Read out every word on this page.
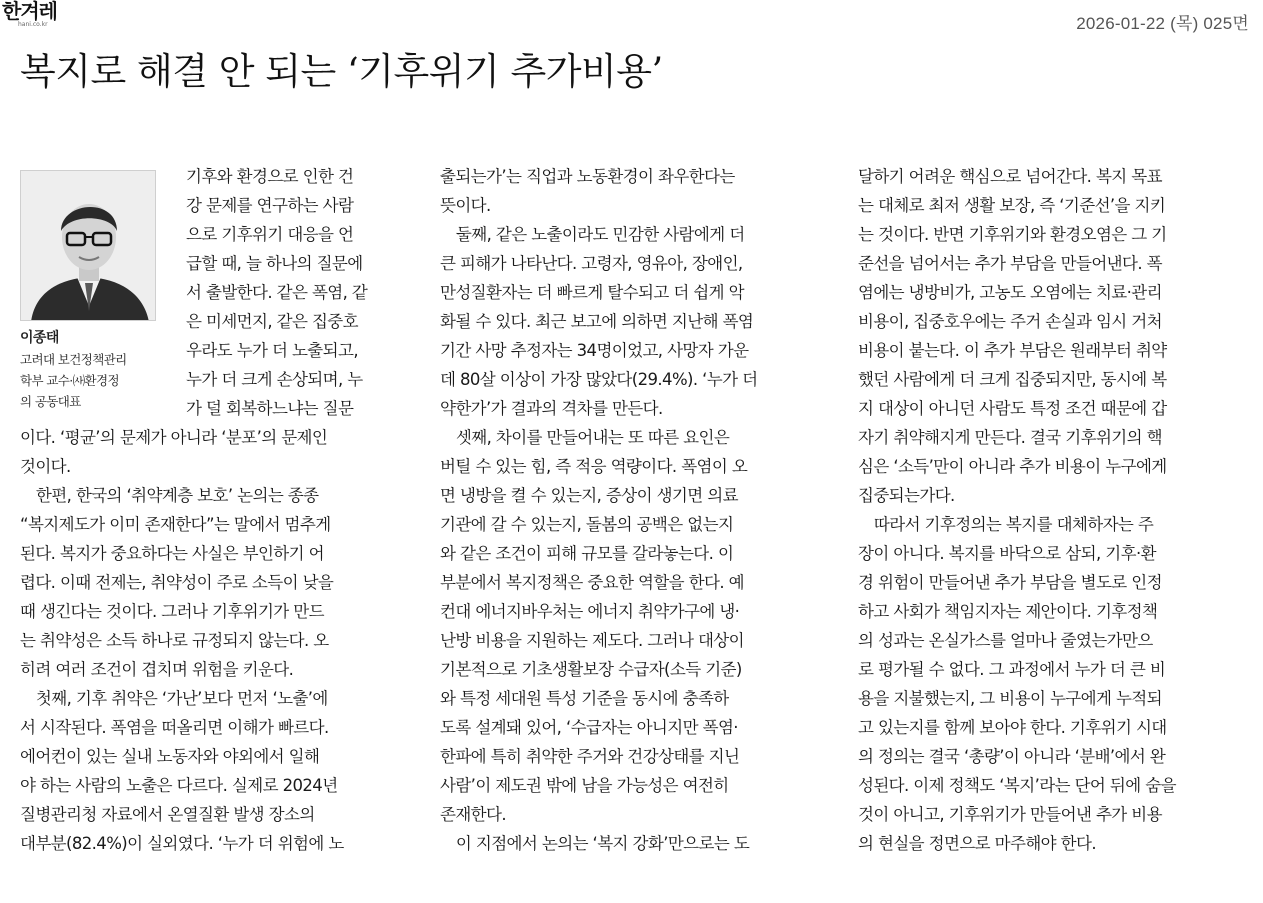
한겨레
hani.co.kr	2026-01-22 (목) 025면
복지로 해결 안 되는 ‘기후위기 추가비용’
이종태
고려대 보건정책관리
학부 교수·㈔환경정
의 공동대표
기후와 환경으로 인한 건
강 문제를 연구하는 사람
으로 기후위기 대응을 언
급할 때, 늘 하나의 질문에
서 출발한다. 같은 폭염, 같
은 미세먼지, 같은 집중호
우라도 누가 더 노출되고,
누가 더 크게 손상되며, 누
가 덜 회복하느냐는 질문
이다. ‘평균’의 문제가 아니라 ‘분포’의 문제인
것이다.
　한편, 한국의 ‘취약계층 보호’ 논의는 종종
“복지제도가 이미 존재한다”는 말에서 멈추게
된다. 복지가 중요하다는 사실은 부인하기 어
렵다. 이때 전제는, 취약성이 주로 소득이 낮을
때 생긴다는 것이다. 그러나 기후위기가 만드
는 취약성은 소득 하나로 규정되지 않는다. 오
히려 여러 조건이 겹치며 위험을 키운다.
　첫째, 기후 취약은 ‘가난’보다 먼저 ‘노출’에
서 시작된다. 폭염을 떠올리면 이해가 빠르다.
에어컨이 있는 실내 노동자와 야외에서 일해
야 하는 사람의 노출은 다르다. 실제로 2024년
질병관리청 자료에서 온열질환 발생 장소의
대부분(82.4%)이 실외였다. ‘누가 더 위험에 노
출되는가’는 직업과 노동환경이 좌우한다는
뜻이다.
　둘째, 같은 노출이라도 민감한 사람에게 더
큰 피해가 나타난다. 고령자, 영유아, 장애인,
만성질환자는 더 빠르게 탈수되고 더 쉽게 악
화될 수 있다. 최근 보고에 의하면 지난해 폭염
기간 사망 추정자는 34명이었고, 사망자 가운
데 80살 이상이 가장 많았다(29.4%). ‘누가 더
약한가’가 결과의 격차를 만든다.
　셋째, 차이를 만들어내는 또 따른 요인은
버틸 수 있는 힘, 즉 적응 역량이다. 폭염이 오
면 냉방을 켤 수 있는지, 증상이 생기면 의료
기관에 갈 수 있는지, 돌봄의 공백은 없는지
와 같은 조건이 피해 규모를 갈라놓는다. 이
부분에서 복지정책은 중요한 역할을 한다. 예
컨대 에너지바우처는 에너지 취약가구에 냉·
난방 비용을 지원하는 제도다. 그러나 대상이
기본적으로 기초생활보장 수급자(소득 기준)
와 특정 세대원 특성 기준을 동시에 충족하
도록 설계돼 있어, ‘수급자는 아니지만 폭염·
한파에 특히 취약한 주거와 건강상태를 지닌
사람’이 제도권 밖에 남을 가능성은 여전히
존재한다.
　이 지점에서 논의는 ‘복지 강화’만으로는 도
달하기 어려운 핵심으로 넘어간다. 복지 목표
는 대체로 최저 생활 보장, 즉 ‘기준선’을 지키
는 것이다. 반면 기후위기와 환경오염은 그 기
준선을 넘어서는 추가 부담을 만들어낸다. 폭
염에는 냉방비가, 고농도 오염에는 치료·관리
비용이, 집중호우에는 주거 손실과 임시 거처
비용이 붙는다. 이 추가 부담은 원래부터 취약
했던 사람에게 더 크게 집중되지만, 동시에 복
지 대상이 아니던 사람도 특정 조건 때문에 갑
자기 취약해지게 만든다. 결국 기후위기의 핵
심은 ‘소득’만이 아니라 추가 비용이 누구에게
집중되는가다.
　따라서 기후정의는 복지를 대체하자는 주
장이 아니다. 복지를 바닥으로 삼되, 기후·환
경 위험이 만들어낸 추가 부담을 별도로 인정
하고 사회가 책임지자는 제안이다. 기후정책
의 성과는 온실가스를 얼마나 줄였는가만으
로 평가될 수 없다. 그 과정에서 누가 더 큰 비
용을 지불했는지, 그 비용이 누구에게 누적되
고 있는지를 함께 보아야 한다. 기후위기 시대
의 정의는 결국 ‘총량’이 아니라 ‘분배’에서 완
성된다. 이제 정책도 ‘복지’라는 단어 뒤에 숨을
것이 아니고, 기후위기가 만들어낸 추가 비용
의 현실을 정면으로 마주해야 한다.
